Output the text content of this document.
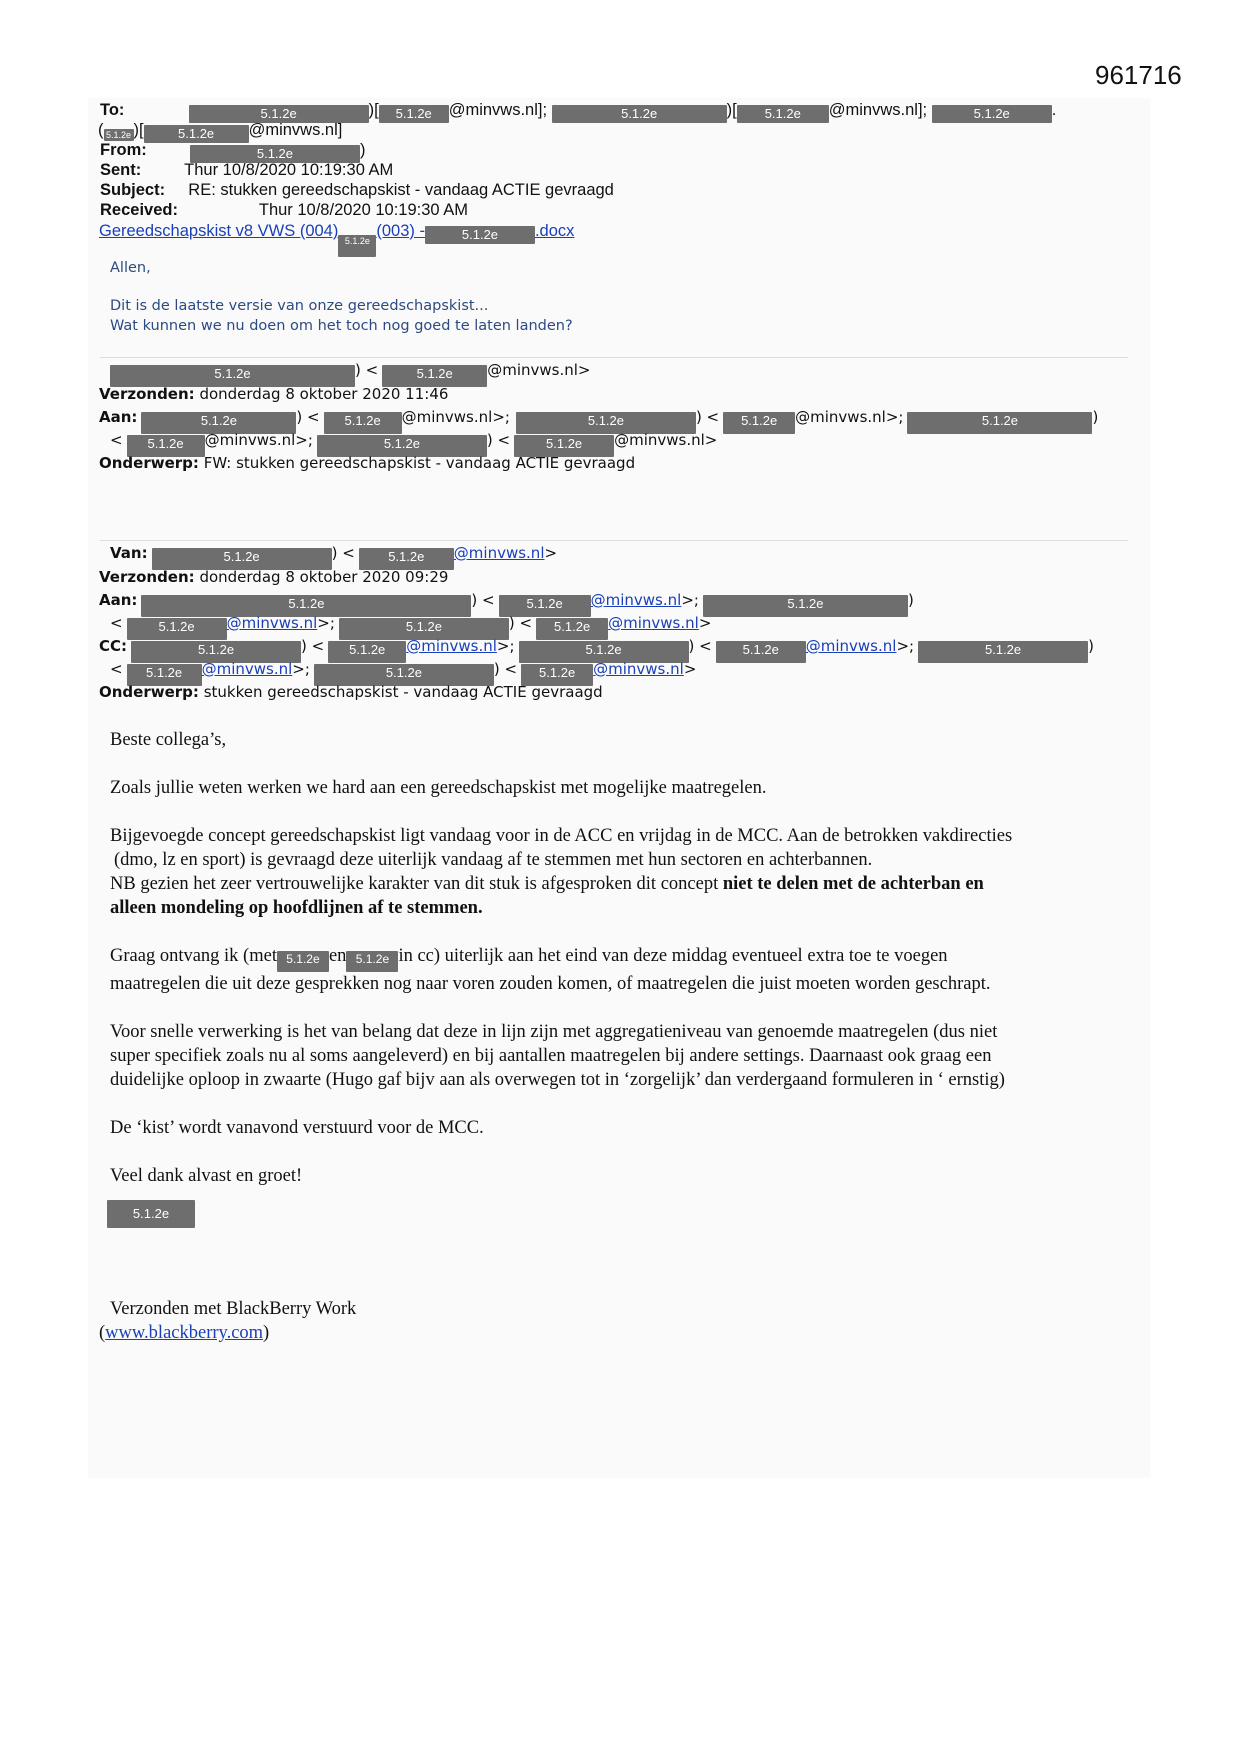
961716
To:	5.1.2e	)[ 5.1.2e @minvws.nl];	5.1.2e	)[ 5.1.2e @minvws.nl];	5.1.2e	.
( 5.1.2e )[	5.1.2e @minvws.nl]
From:	5.1.2e	)
Sent:	Thur 10/8/2020 10:19:30 AM
Subject: RE: stukken gereedschapskist - vandaag ACTIE gevraagd
Received:	Thur 10/8/2020 10:19:30 AM
Gereedschapskist v8 VWS (004)5.1.2e(003) -	5.1.2e .docx
Allen,
Dit is de laatste versie van onze gereedschapskist...
Wat kunnen we nu doen om het toch nog goed te laten landen?
5.1.2e	) <	5.1.2e @minvws.nl>
Verzonden: donderdag 8 oktober 2020 11:46
Aan:	5.1.2e	) < 5.1.2e @minvws.nl>;	5.1.2e	) < 5.1.2e @minvws.nl>;	5.1.2e	)
< 5.1.2e @minvws.nl>;	5.1.2e	) <	5.1.2e @minvws.nl>
Onderwerp: FW: stukken gereedschapskist - vandaag ACTIE gevraagd
Van:	5.1.2e	) <	5.1.2e @minvws.nl>
Verzonden: donderdag 8 oktober 2020 09:29
Aan:	5.1.2e	) < 5.1.2e @minvws.nl>;	5.1.2e	)
<	5.1.2e @minvws.nl>;	5.1.2e	) < 5.1.2e @minvws.nl>
CC:	5.1.2e	) < 5.1.2e @minvws.nl>;	5.1.2e	) < 5.1.2e @minvws.nl>;	5.1.2e	)
< 5.1.2e @minvws.nl>;	5.1.2e	) < 5.1.2e @minvws.nl>
Onderwerp: stukken gereedschapskist - vandaag ACTIE gevraagd

Beste collega’s,

Zoals jullie weten werken we hard aan een gereedschapskist met mogelijke maatregelen.

Bijgevoegde concept gereedschapskist ligt vandaag voor in de ACC en vrijdag in de MCC. Aan de betrokken vakdirecties

(dmo, lz en sport) is gevraagd deze uiterlijk vandaag af te stemmen met hun sectoren en achterbannen.

NB gezien het zeer vertrouwelijke karakter van dit stuk is afgesproken dit concept niet te delen met de achterban en

alleen mondeling op hoofdlijnen af te stemmen.

Graag ontvang ik (met 5.1.2e en 5.1.2e in cc) uiterlijk aan het eind van deze middag eventueel extra toe te voegen

maatregelen die uit deze gesprekken nog naar voren zouden komen, of maatregelen die juist moeten worden geschrapt.

Voor snelle verwerking is het van belang dat deze in lijn zijn met aggregatieniveau van genoemde maatregelen (dus niet

super specifiek zoals nu al soms aangeleverd) en bij aantallen maatregelen bij andere settings. Daarnaast ook graag een

duidelijke oploop in zwaarte (Hugo gaf bijv aan als overwegen tot in ‘zorgelijk’ dan verdergaand formuleren in ‘ ernstig)

De ‘kist’ wordt vanavond verstuurd voor de MCC.

Veel dank alvast en groet!

5.1.2e
Verzonden met BlackBerry Work
(www.blackberry.com)
